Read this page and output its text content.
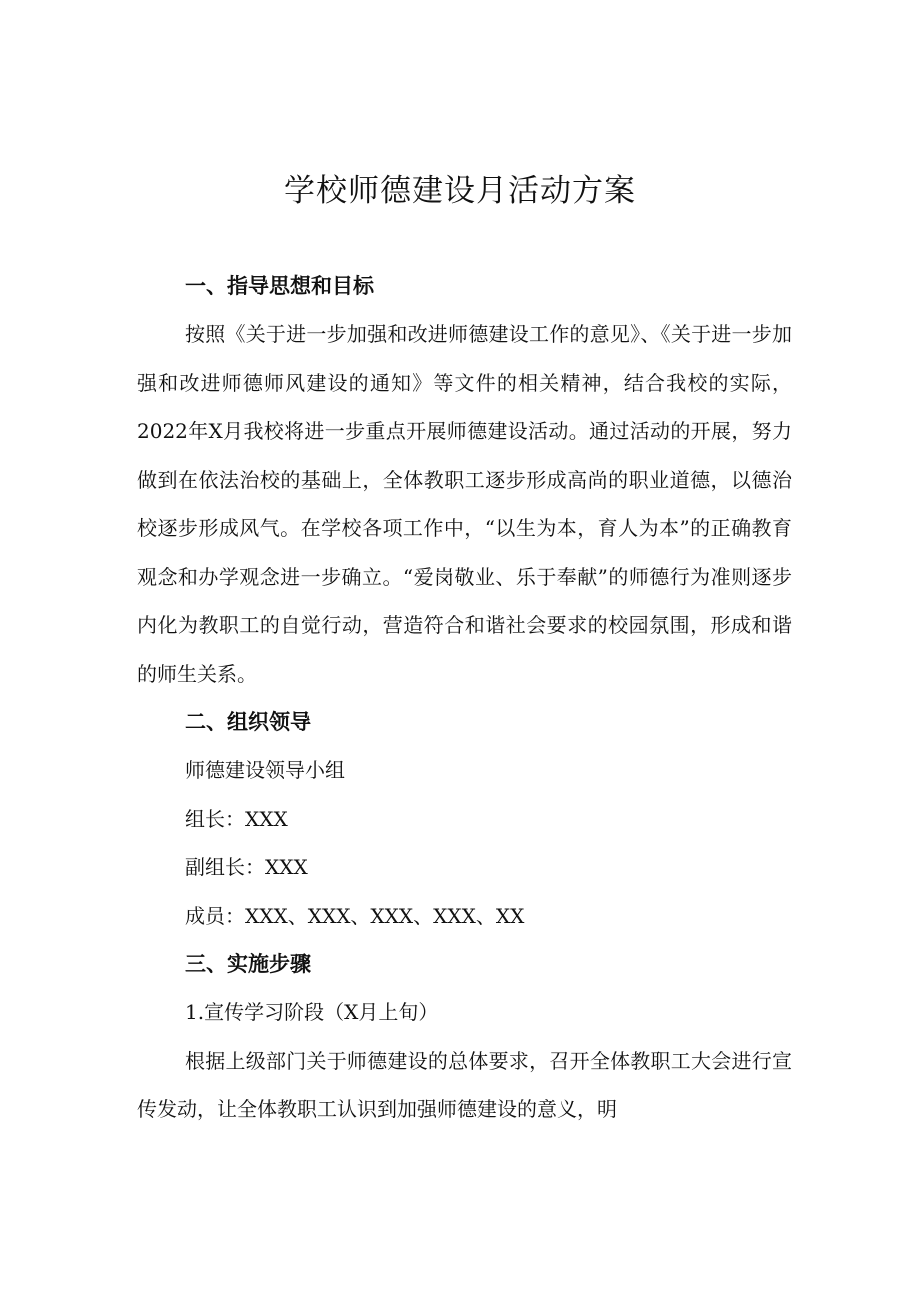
学校师德建设月活动方案
一、指导思想和目标

按照《关于进一步加强和改进师德建设工作的意见》、《关于进一步加强和改进师德师风建设的通知》等文件的相关精神，结合我校的实际，2022年X月我校将进一步重点开展师德建设活动。通过活动的开展，努力做到在依法治校的基础上，全体教职工逐步形成高尚的职业道德，以德治校逐步形成风气。在学校各项工作中，“以生为本，育人为本”的正确教育观念和办学观念进一步确立。“爱岗敬业、乐于奉献”的师德行为准则逐步内化为教职工的自觉行动，营造符合和谐社会要求的校园氛围，形成和谐的师生关系。

二、组织领导

师德建设领导小组

组长：XXX

副组长：XXX

成员：XXX、XXX、XXX、XXX、XX

三、实施步骤

1.宣传学习阶段（X月上旬）

根据上级部门关于师德建设的总体要求，召开全体教职工大会进行宣传发动，让全体教职工认识到加强师德建设的意义，明
